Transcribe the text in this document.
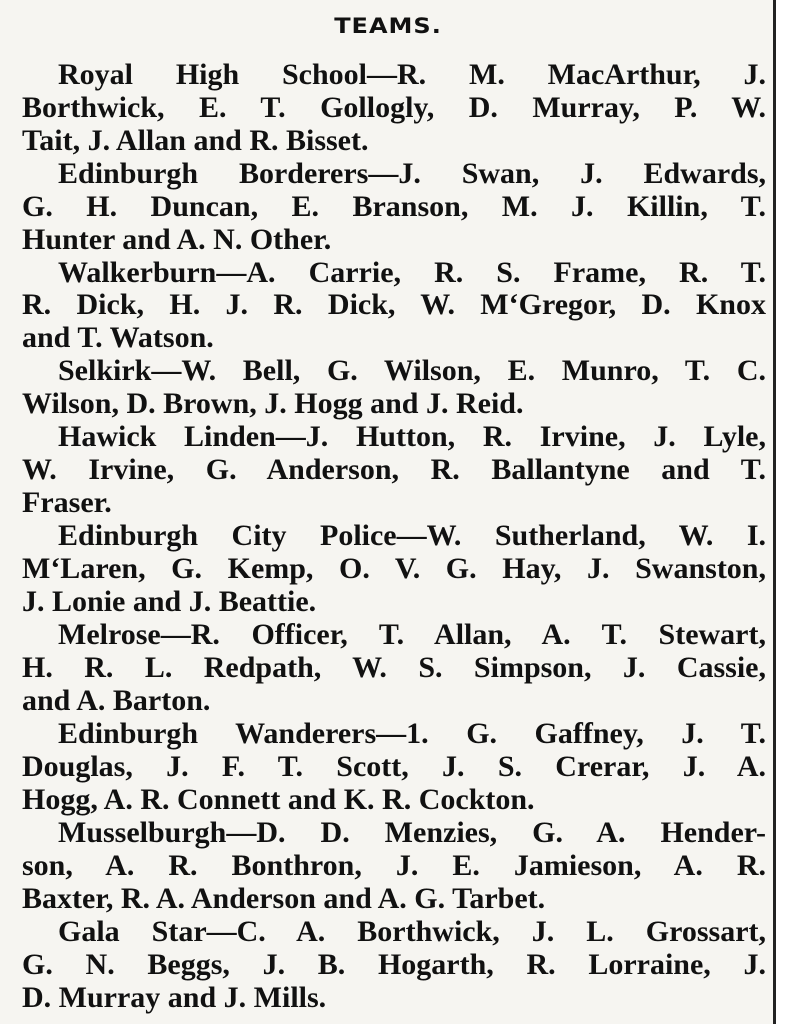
TEAMS.
Royal High School—R. M. MacArthur, J.
Borthwick, E. T. Gollogly, D. Murray, P. W.
Tait, J. Allan and R. Bisset.
Edinburgh Borderers—J. Swan, J. Edwards,
G. H. Duncan, E. Branson, M. J. Killin, T.
Hunter and A. N. Other.
Walkerburn—A. Carrie, R. S. Frame, R. T.
R. Dick, H. J. R. Dick, W. M‘Gregor, D. Knox
and T. Watson.
Selkirk—W. Bell, G. Wilson, E. Munro, T. C.
Wilson, D. Brown, J. Hogg and J. Reid.
Hawick Linden—J. Hutton, R. Irvine, J. Lyle,
W. Irvine, G. Anderson, R. Ballantyne and T.
Fraser.
Edinburgh City Police—W. Sutherland, W. I.
M‘Laren, G. Kemp, O. V. G. Hay, J. Swanston,
J. Lonie and J. Beattie.
Melrose—R. Officer, T. Allan, A. T. Stewart,
H. R. L. Redpath, W. S. Simpson, J. Cassie,
and A. Barton.
Edinburgh Wanderers—1. G. Gaffney, J. T.
Douglas, J. F. T. Scott, J. S. Crerar, J. A.
Hogg, A. R. Connett and K. R. Cockton.
Musselburgh—D. D. Menzies, G. A. Hender-
son, A. R. Bonthron, J. E. Jamieson, A. R.
Baxter, R. A. Anderson and A. G. Tarbet.
Gala Star—C. A. Borthwick, J. L. Grossart,
G. N. Beggs, J. B. Hogarth, R. Lorraine, J.
D. Murray and J. Mills.
